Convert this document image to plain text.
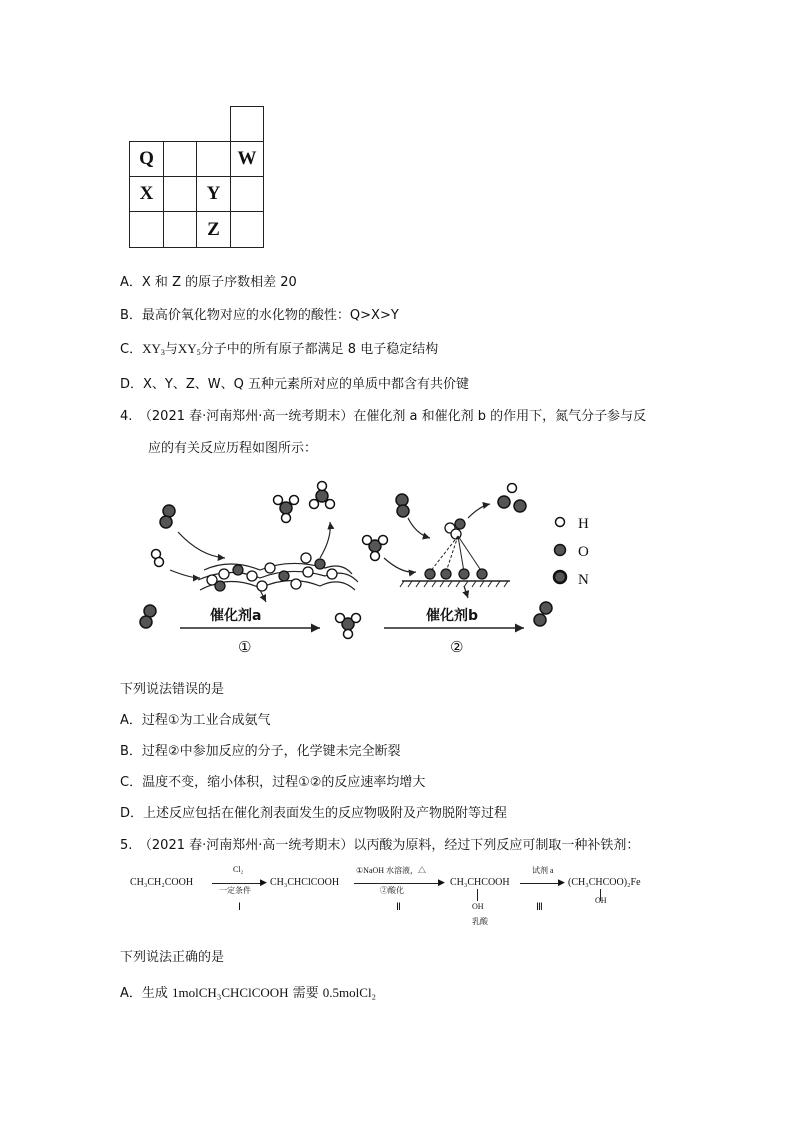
Q	W
X	Y
Z
A．X 和 Z 的原子序数相差 20
B．最高价氧化物对应的水化物的酸性：Q>X>Y
C．$XY_3$与$XY_5$分子中的所有原子都满足 8 电子稳定结构
D．X、Y、Z、W、Q 五种元素所对应的单质中都含有共价键
4.　（2021 春·河南郑州·高一统考期末）在催化剂 a 和催化剂 b 的作用下，氮气分子参与反
应的有关反应历程如图所示：
催化剂a
①
催化剂b
②
H
O
N
下列说法错误的是
A．过程①为工业合成氨气
B．过程②中参加反应的分子，化学键未完全断裂
C．温度不变，缩小体积，过程①②的反应速率均增大
D．上述反应包括在催化剂表面发生的反应物吸附及产物脱附等过程
5.　（2021 春·河南郑州·高一统考期末）以丙酸为原料，经过下列反应可制取一种补铁剂：
CH₃CH₂COOH
Cl₂
▶
一定条件
Ⅰ
CH₃CHClCOOH
①NaOH 水溶液，△
▶
②酸化
Ⅱ
CH₃CHCOOH
OH
乳酸
试剂 a
▶
Ⅲ
(CH₃CHCOO)₂Fe
OH
下列说法正确的是
A．生成 1molCH₃CHClCOOH 需要 0.5molCl₂
